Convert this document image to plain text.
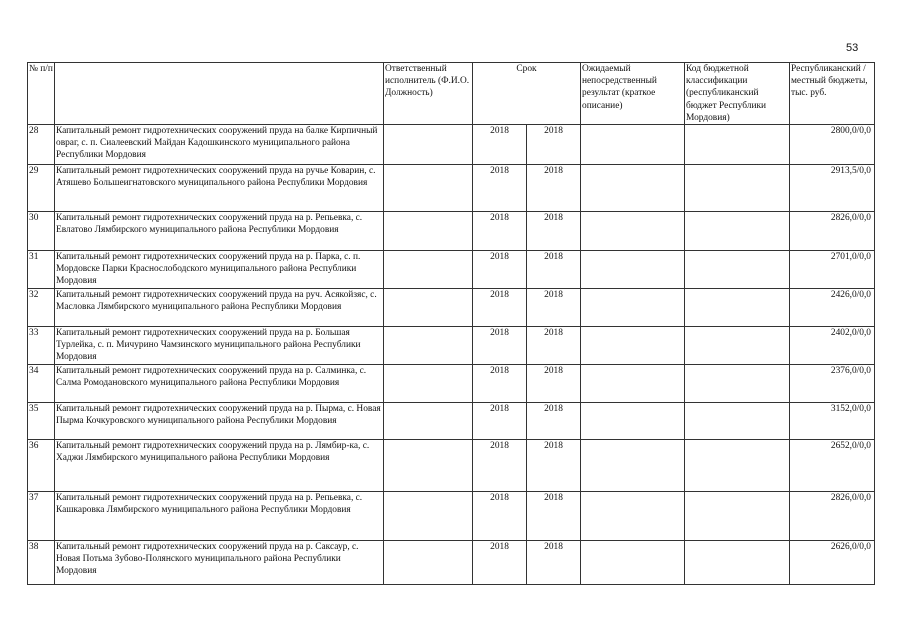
53
№ п/п		Ответственный исполнитель (Ф.И.О. Должность)	Срок		Ожидаемый непосредственный результат (краткое описание)	Код бюджетной классификации (республиканский бюджет Республики Мордовия)	Республиканский /местный бюджеты, тыс. руб.
28	Капитальный ремонт гидротехнических сооружений пруда на балке Кирпичный овраг, с. п. Сиалеевский Майдан Кадошкинского муниципального района Республики Мордовия		2018	2018			2800,0/0,0
29	Капитальный ремонт гидротехнических сооружений пруда на ручье Коварин, с. Атяшево Большеигнатовского муниципального района Республики Мордовия		2018	2018			2913,5/0,0
30	Капитальный ремонт гидротехнических сооружений пруда на р. Репьевка, с. Евлатово Лямбирского муниципального района Республики Мордовия		2018	2018			2826,0/0,0
31	Капитальный ремонт гидротехнических сооружений пруда на р. Парка, с. п. Мордовске Парки Краснослободского муниципального района Республики Мордовия		2018	2018			2701,0/0,0
32	Капитальный ремонт гидротехнических сооружений пруда на руч. Асякойзяс, с. Масловка Лямбирского муниципального района Республики Мордовия		2018	2018			2426,0/0,0
33	Капитальный ремонт гидротехнических сооружений пруда на р. Большая Турлейка, с. п. Мичурино Чамзинского муниципального района Республики Мордовия		2018	2018			2402,0/0,0
34	Капитальный ремонт гидротехнических сооружений пруда на р. Салминка, с. Салма Ромодановского муниципального района Республики Мордовия		2018	2018			2376,0/0,0
35	Капитальный ремонт гидротехнических сооружений пруда на р. Пырма, с. Новая Пырма Кочкуровского муниципального района Республики Мордовия		2018	2018			3152,0/0,0
36	Капитальный ремонт гидротехнических сооружений пруда на р. Лямбир-ка, с. Хаджи Лямбирского муниципального района Республики Мордовия		2018	2018			2652,0/0,0
37	Капитальный ремонт гидротехнических сооружений пруда на р. Репьевка, с. Кашкаровка Лямбирского муниципального района Республики Мордовия		2018	2018			2826,0/0,0
38	Капитальный ремонт гидротехнических сооружений пруда на р. Саксаур, с. Новая Потьма Зубово-Полянского муниципального района Республики Мордовия		2018	2018			2626,0/0,0
